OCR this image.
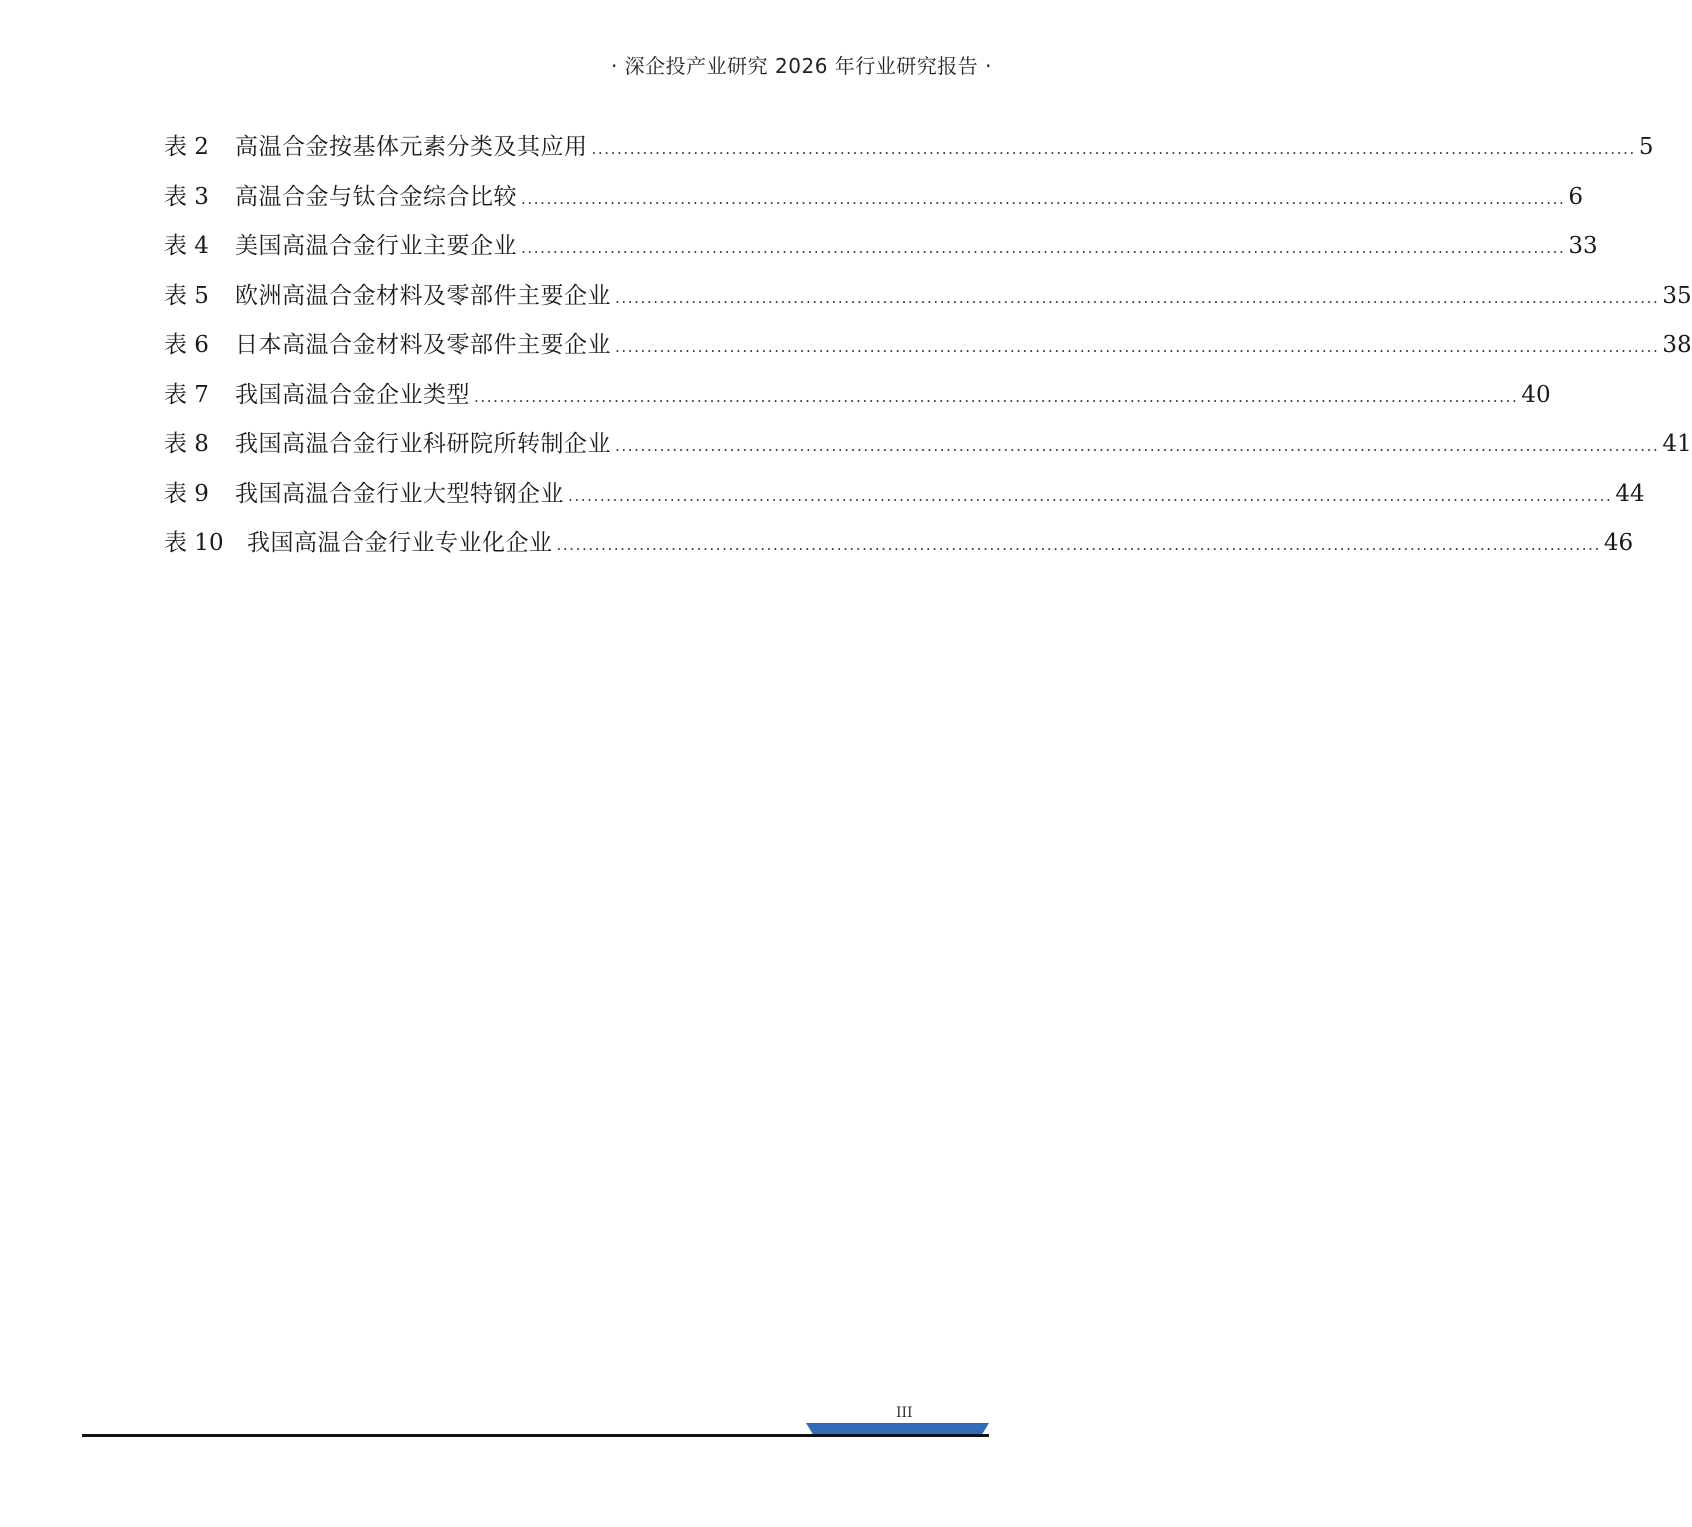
· 深企投产业研究 2026 年行业研究报告 ·
表 2	高温合金按基体元素分类及其应用 .................................................................................................................................................................... 5
表 3	高温合金与钛合金综合比较 .................................................................................................................................................................... 6
表 4	美国高温合金行业主要企业 .................................................................................................................................................................... 33
表 5	欧洲高温合金材料及零部件主要企业 .................................................................................................................................................................... 35
表 6	日本高温合金材料及零部件主要企业 .................................................................................................................................................................... 38
表 7	我国高温合金企业类型 .................................................................................................................................................................... 40
表 8	我国高温合金行业科研院所转制企业 .................................................................................................................................................................... 41
表 9	我国高温合金行业大型特钢企业 .................................................................................................................................................................... 44
表 10	我国高温合金行业专业化企业 .................................................................................................................................................................... 46
III
